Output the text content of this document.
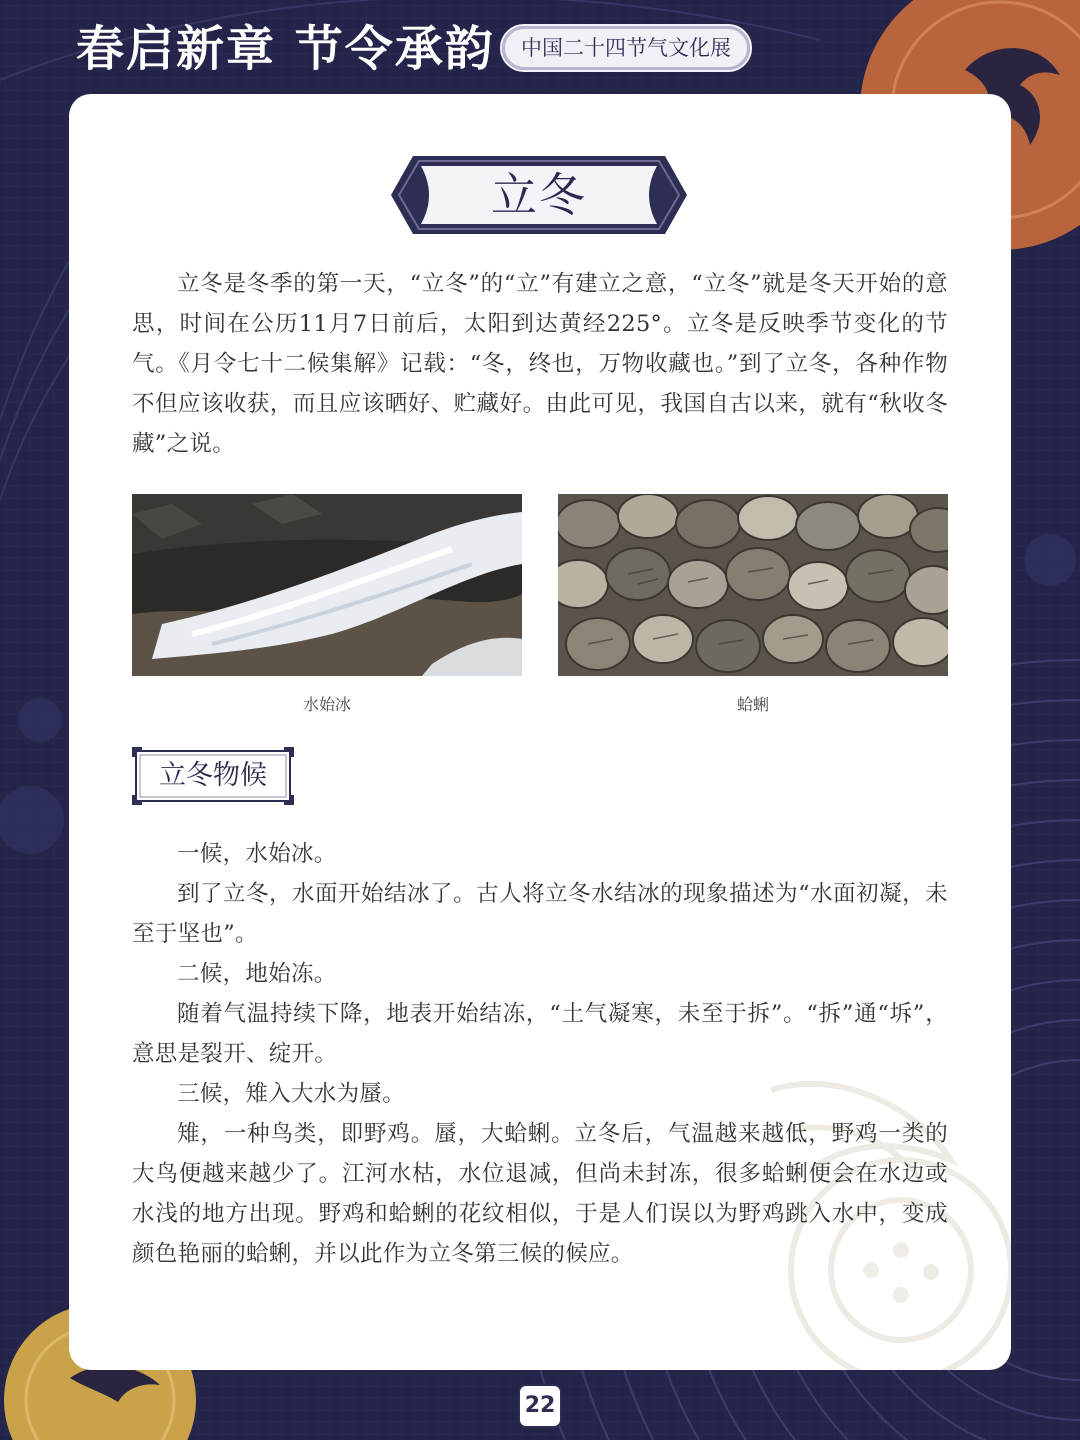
春启新章 节令承韵	中国二十四节气文化展
立冬

立冬是冬季的第一天，“立冬”的“立”有建立之意，“立冬”就是冬天开始的意思，时间在公历11月7日前后，太阳到达黄经225°。立冬是反映季节变化的节气。《月令七十二候集解》记载：“冬，终也，万物收藏也。”到了立冬，各种作物不但应该收获，而且应该晒好、贮藏好。由此可见，我国自古以来，就有“秋收冬藏”之说。

水始冰	蛤蜊
立冬物候

一候，水始冰。

到了立冬，水面开始结冰了。古人将立冬水结冰的现象描述为“水面初凝，未至于坚也”。

二候，地始冻。

随着气温持续下降，地表开始结冻，“土气凝寒，未至于拆”。“拆”通“坼”，意思是裂开、绽开。

三候，雉入大水为蜃。

雉，一种鸟类，即野鸡。蜃，大蛤蜊。立冬后，气温越来越低，野鸡一类的大鸟便越来越少了。江河水枯，水位退减，但尚未封冻，很多蛤蜊便会在水边或水浅的地方出现。野鸡和蛤蜊的花纹相似，于是人们误以为野鸡跳入水中，变成颜色艳丽的蛤蜊，并以此作为立冬第三候的候应。

22
